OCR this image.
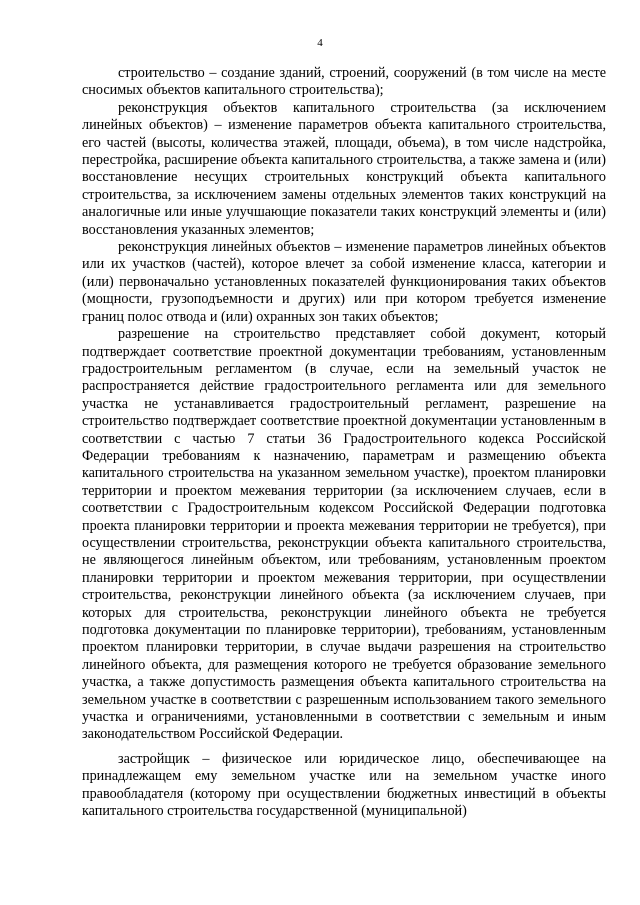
4

строительство – создание зданий, строений, сооружений (в том числе на месте сносимых объектов капитального строительства);

реконструкция объектов капитального строительства (за исключением линейных объектов) – изменение параметров объекта капитального строительства, его частей (высоты, количества этажей, площади, объема), в том числе надстройка, перестройка, расширение объекта капитального строительства, а также замена и (или) восстановление несущих строительных конструкций объекта капитального строительства, за исключением замены отдельных элементов таких конструкций на аналогичные или иные улучшающие показатели таких конструкций элементы и (или) восстановления указанных элементов;

реконструкция линейных объектов – изменение параметров линейных объектов или их участков (частей), которое влечет за собой изменение класса, категории и (или) первоначально установленных показателей функционирования таких объектов (мощности, грузоподъемности и других) или при котором требуется изменение границ полос отвода и (или) охранных зон таких объектов;

разрешение на строительство представляет собой документ, который подтверждает соответствие проектной документации требованиям, установленным градостроительным регламентом (в случае, если на земельный участок не распространяется действие градостроительного регламента или для земельного участка не устанавливается градостроительный регламент, разрешение на строительство подтверждает соответствие проектной документации установленным в соответствии с частью 7 статьи 36 Градостроительного кодекса Российской Федерации требованиям к назначению, параметрам и размещению объекта капитального строительства на указанном земельном участке), проектом планировки территории и проектом межевания территории (за исключением случаев, если в соответствии с Градостроительным кодексом Российской Федерации подготовка проекта планировки территории и проекта межевания территории не требуется), при осуществлении строительства, реконструкции объекта капитального строительства, не являющегося линейным объектом, или требованиям, установленным проектом планировки территории и проектом межевания территории, при осуществлении строительства, реконструкции линейного объекта (за исключением случаев, при которых для строительства, реконструкции линейного объекта не требуется подготовка документации по планировке территории), требованиям, установленным проектом планировки территории, в случае выдачи разрешения на строительство линейного объекта, для размещения которого не требуется образование земельного участка, а также допустимость размещения объекта капитального строительства на земельном участке в соответствии с разрешенным использованием такого земельного участка и ограничениями, установленными в соответствии с земельным и иным законодательством Российской Федерации.

застройщик – физическое или юридическое лицо, обеспечивающее на принадлежащем ему земельном участке или на земельном участке иного правообладателя (которому при осуществлении бюджетных инвестиций в объекты капитального строительства государственной (муниципальной)
